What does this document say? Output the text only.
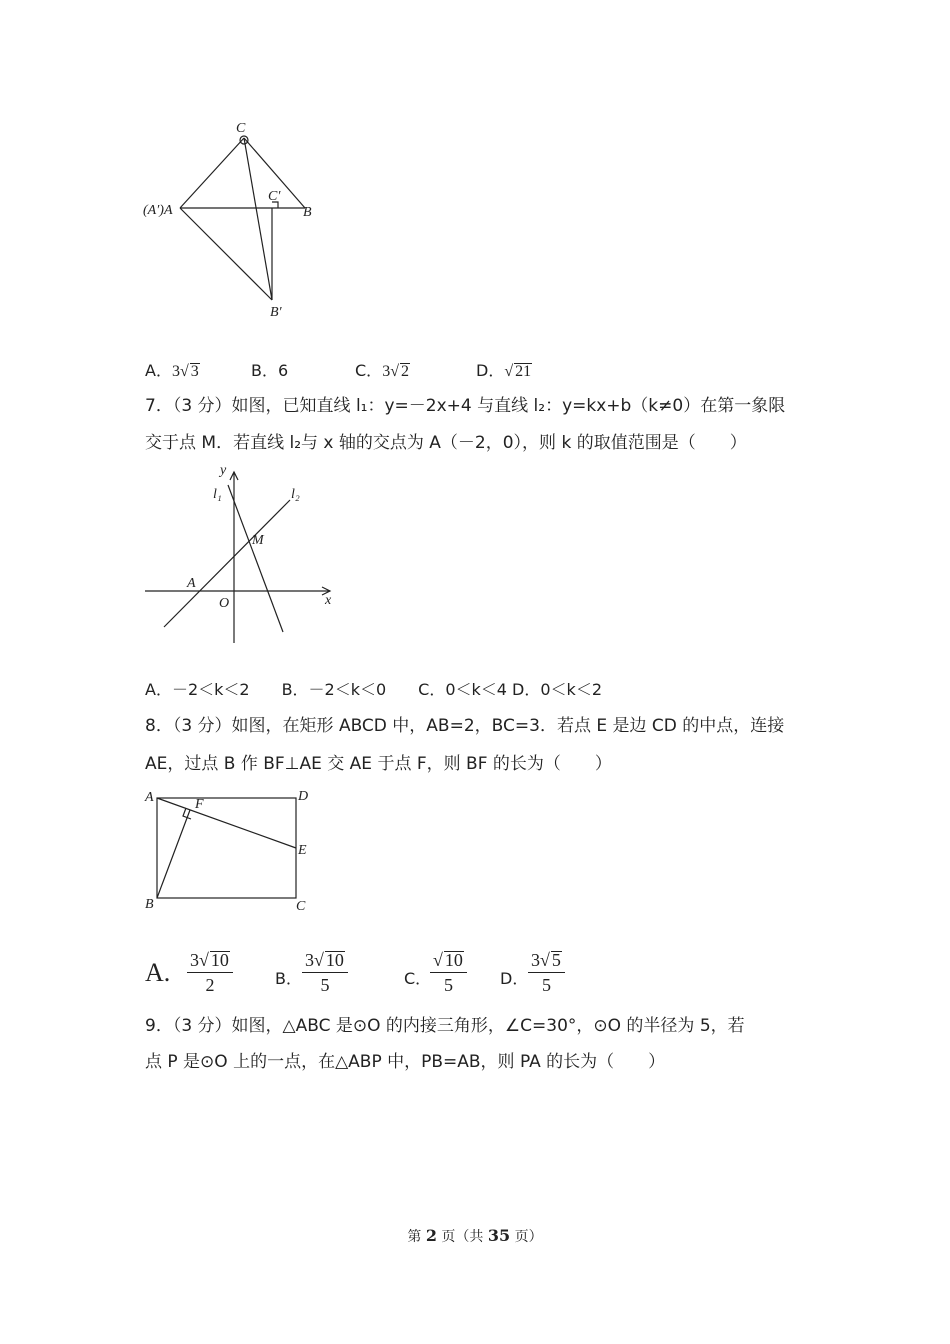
C
C′
(A′)A	B
B′
A．3√ 3	B．6	C．3√ 2	D．√ 21
7．（3 分）如图，已知直线 l₁：y=－2x+4 与直线 l₂：y=kx+b（k≠0）在第一象限
交于点 M．若直线 l₂与 x 轴的交点为 A（－2，0），则 k 的取值范围是（　　）
y
l₁	l₂
M
A
O	x
A．－2＜k＜2　　B．－2＜k＜0　　C．0＜k＜4 D．0＜k＜2
8．（3 分）如图，在矩形 ABCD 中，AB=2，BC=3．若点 E 是边 CD 的中点，连接
AE，过点 B 作 BF⊥AE 交 AE 于点 F，则 BF 的长为（　　）
A	D
F
E
B	C
A. $\frac{3√ 10}{2}$	B． $\frac{3√ 10}{5}$	C．
$\frac{√ 10}{5}$ D． $\frac{3√ 5}{5}$
9．（3 分）如图，△ABC 是⊙O 的内接三角形，∠C=30°，⊙O 的半径为 5，若
点 P 是⊙O 上的一点，在△ABP 中，PB=AB，则 PA 的长为（　　）
第 2 页（共 35 页）
